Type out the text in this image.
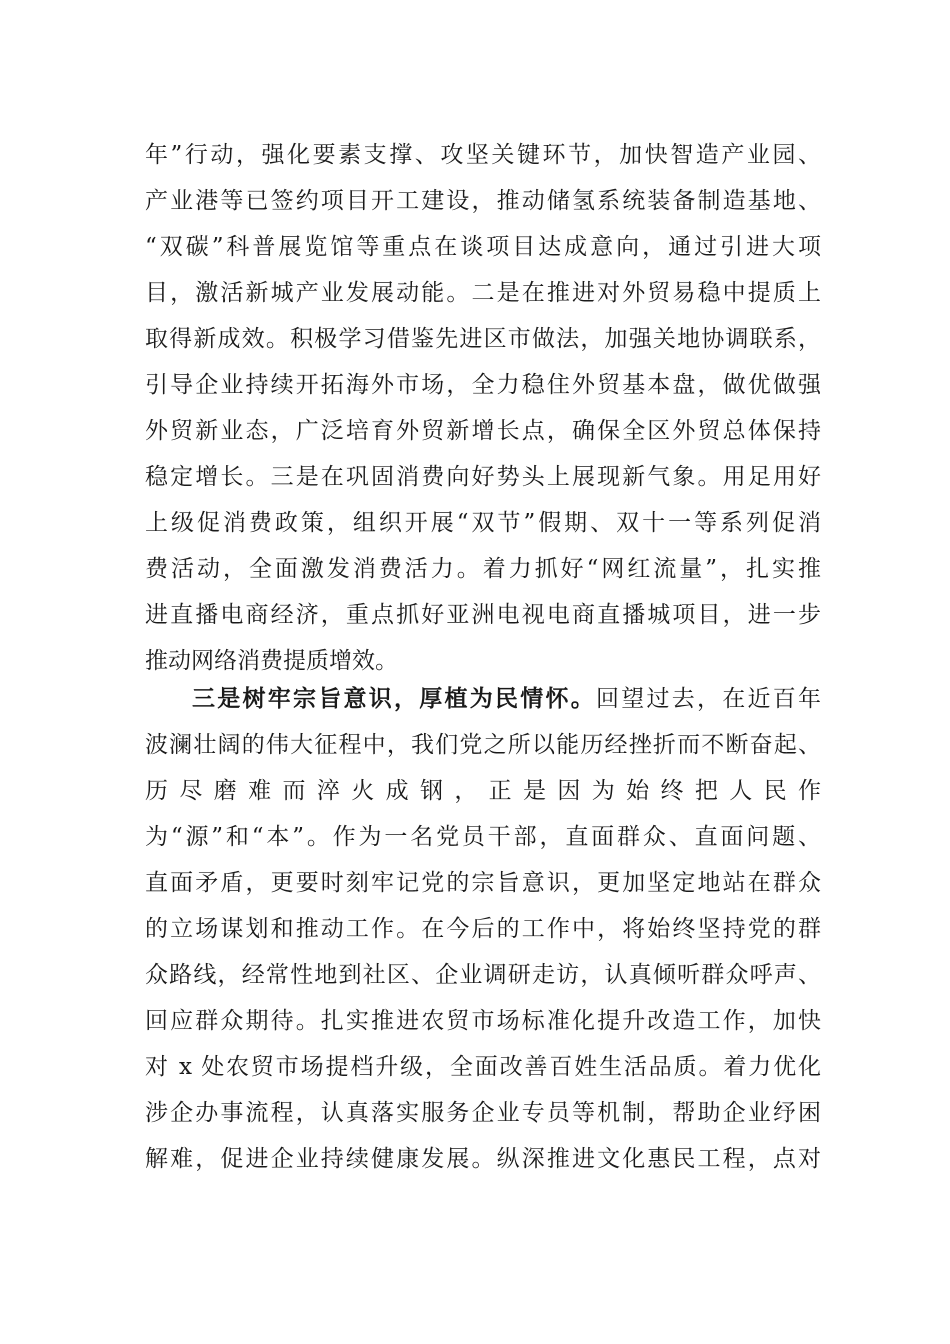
年”行动，强化要素支撑、攻坚关键环节，加快智造产业园、
产业港等已签约项目开工建设，推动储氢系统装备制造基地、
“双碳”科普展览馆等重点在谈项目达成意向，通过引进大项
目，激活新城产业发展动能。二是在推进对外贸易稳中提质上
取得新成效。积极学习借鉴先进区市做法，加强关地协调联系，
引导企业持续开拓海外市场，全力稳住外贸基本盘，做优做强
外贸新业态，广泛培育外贸新增长点，确保全区外贸总体保持
稳定增长。三是在巩固消费向好势头上展现新气象。用足用好
上级促消费政策，组织开展“双节”假期、双十一等系列促消
费活动，全面激发消费活力。着力抓好“网红流量”，扎实推
进直播电商经济，重点抓好亚洲电视电商直播城项目，进一步
推动网络消费提质增效。
三是树牢宗旨意识，厚植为民情怀。回望过去，在近百年
波澜壮阔的伟大征程中，我们党之所以能历经挫折而不断奋起、
历尽磨难而淬火成钢，正是因为始终把人民作
为“源”和“本”。作为一名党员干部，直面群众、直面问题、
直面矛盾，更要时刻牢记党的宗旨意识，更加坚定地站在群众
的立场谋划和推动工作。在今后的工作中，将始终坚持党的群
众路线，经常性地到社区、企业调研走访，认真倾听群众呼声、
回应群众期待。扎实推进农贸市场标准化提升改造工作，加快
对 x 处农贸市场提档升级，全面改善百姓生活品质。着力优化
涉企办事流程，认真落实服务企业专员等机制，帮助企业纾困
解难，促进企业持续健康发展。纵深推进文化惠民工程，点对
